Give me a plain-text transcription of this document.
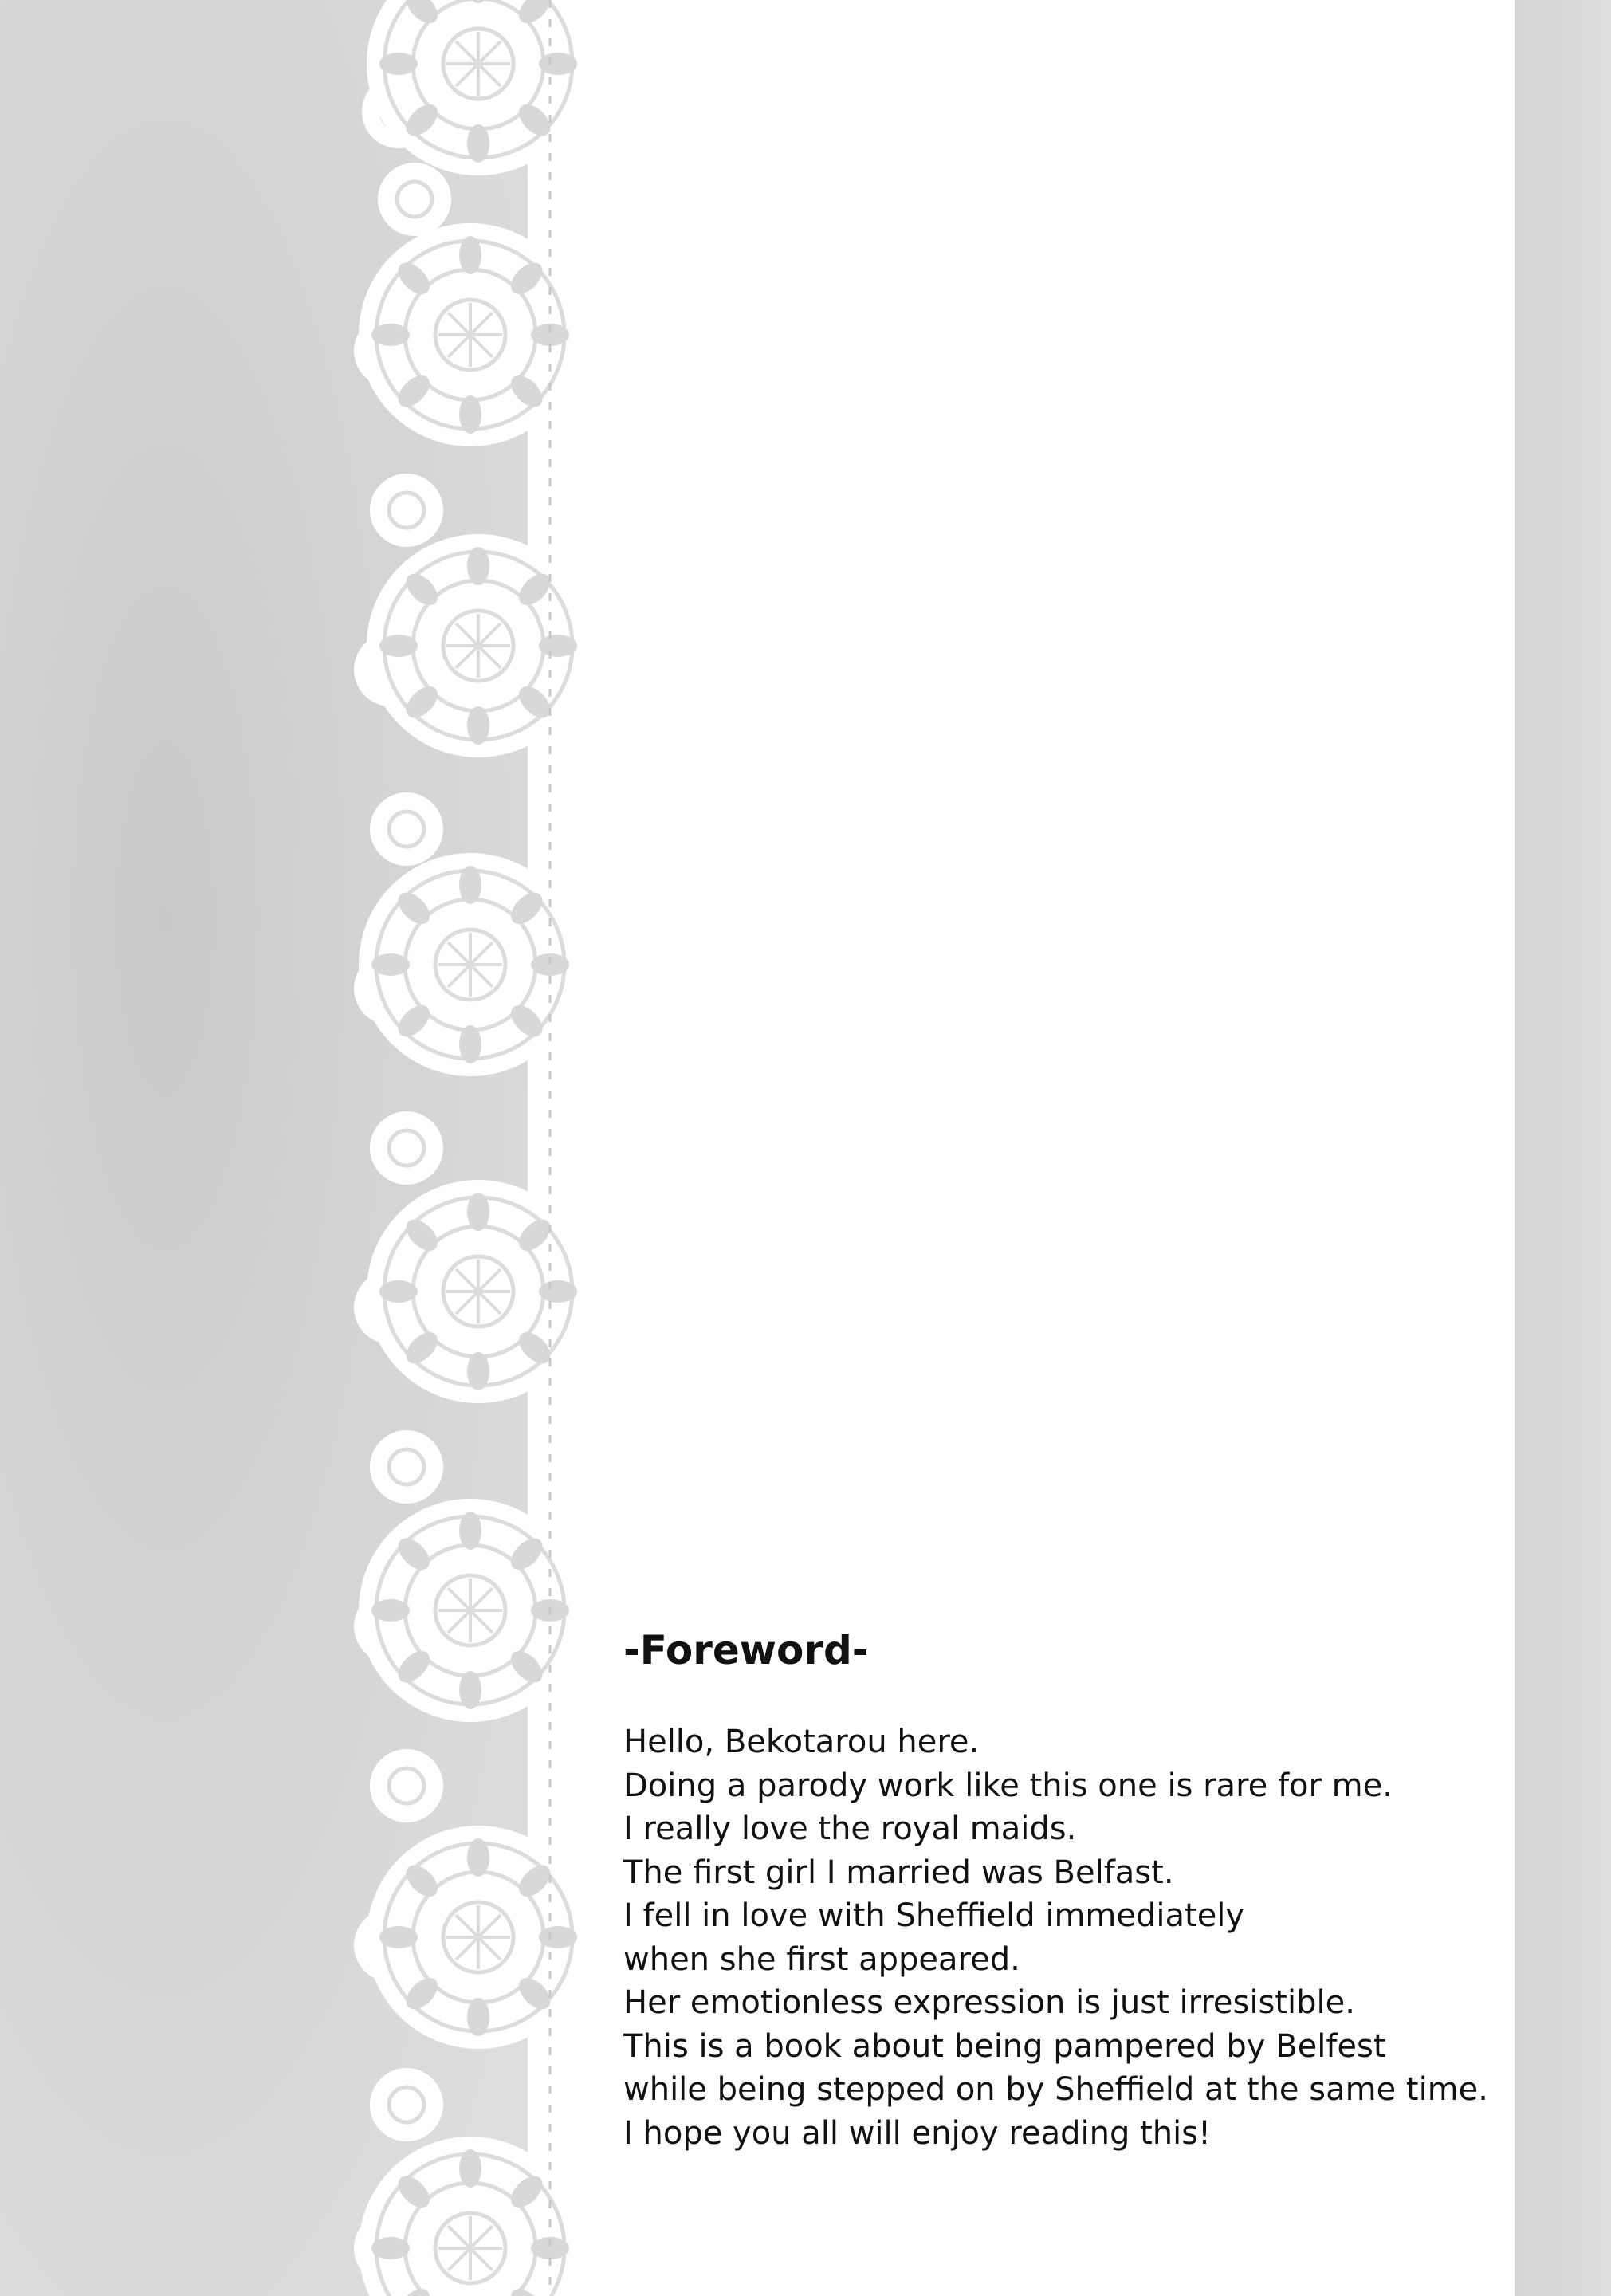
-Foreword-
Hello, Bekotarou here.
Doing a parody work like this one is rare for me.
I really love the royal maids.
The first girl I married was Belfast.
I fell in love with Sheffield immediately
when she first appeared.
Her emotionless expression is just irresistible.
This is a book about being pampered by Belfest
while being stepped on by Sheffield at the same time.
I hope you all will enjoy reading this!
